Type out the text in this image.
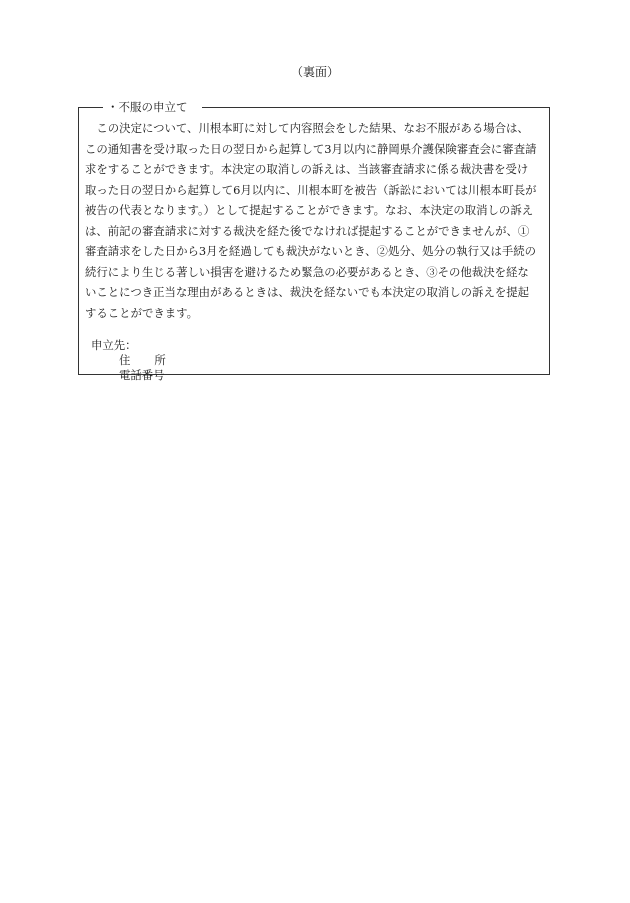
（裏面）
・不服の申立て
この決定について、川根本町に対して内容照会をした結果、なお不服がある場合は、
この通知書を受け取った日の翌日から起算して3月以内に静岡県介護保険審査会に審査請
求をすることができます。本決定の取消しの訴えは、当該審査請求に係る裁決書を受け
取った日の翌日から起算して6月以内に、川根本町を被告（訴訟においては川根本町長が
被告の代表となります。）として提起することができます。なお、本決定の取消しの訴え
は、前記の審査請求に対する裁決を経た後でなければ提起することができませんが、①
審査請求をした日から3月を経過しても裁決がないとき、②処分、処分の執行又は手続の
続行により生じる著しい損害を避けるため緊急の必要があるとき、③その他裁決を経な
いことにつき正当な理由があるときは、裁決を経ないでも本決定の取消しの訴えを提起
することができます。
申立先：
住 所
電話番号
